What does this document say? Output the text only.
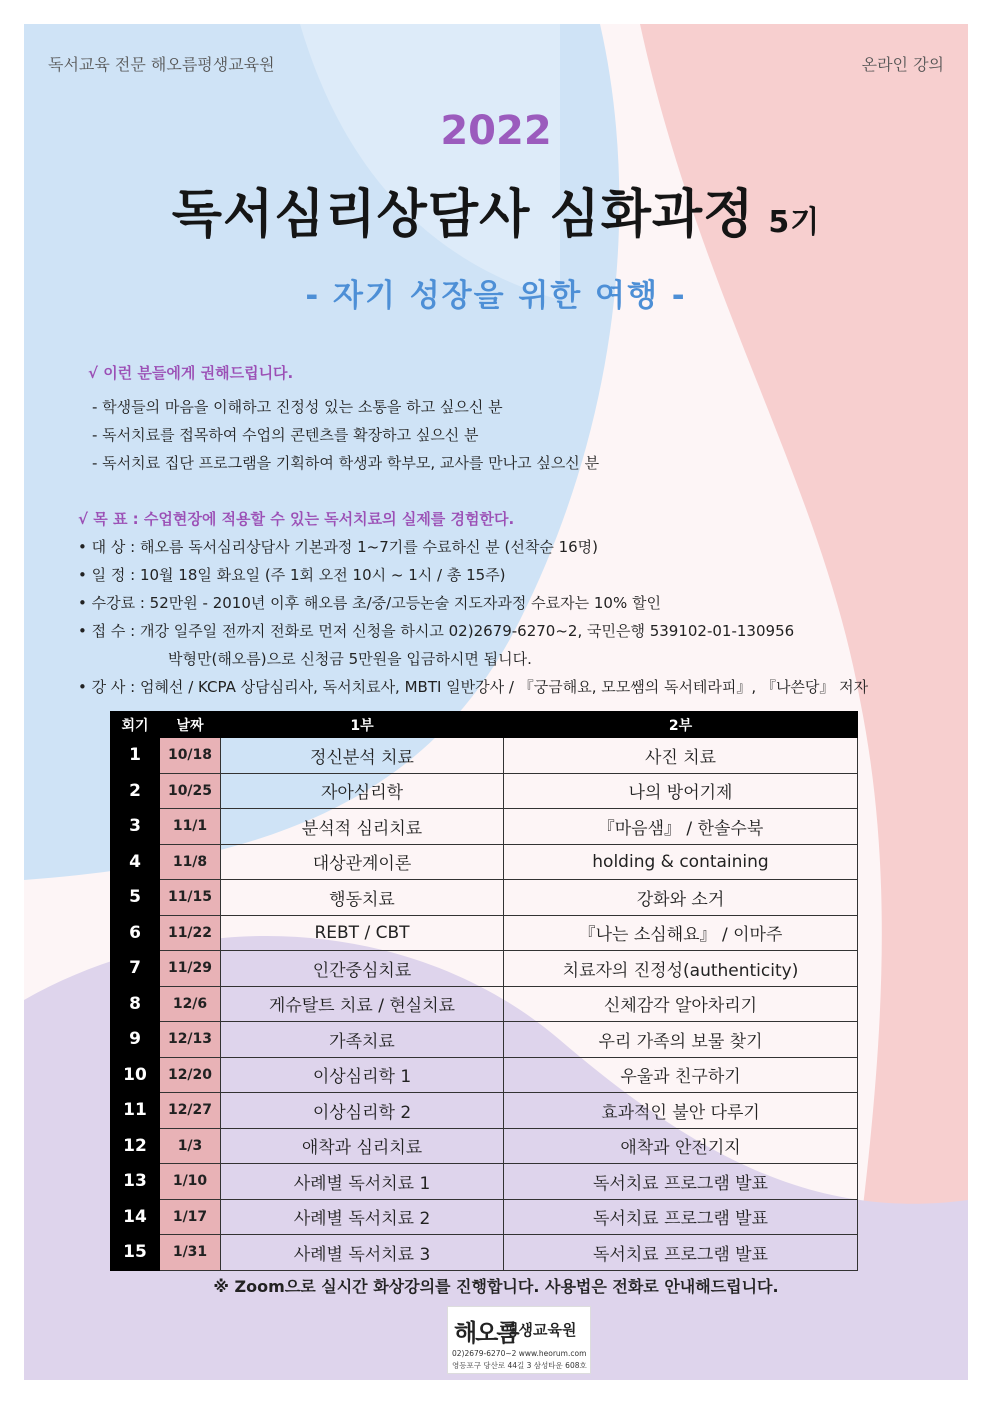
독서교육 전문 해오름평생교육원	온라인 강의
2022
독서심리상담사 심화과정 5기
- 자기 성장을 위한 여행 -
√ 이런 분들에게 권해드립니다.
- 학생들의 마음을 이해하고 진정성 있는 소통을 하고 싶으신 분
- 독서치료를 접목하여 수업의 콘텐츠를 확장하고 싶으신 분
- 독서치료 집단 프로그램을 기획하여 학생과 학부모, 교사를 만나고 싶으신 분
√ 목 표 : 수업현장에 적용할 수 있는 독서치료의 실제를 경험한다.
• 대 상 : 해오름 독서심리상담사 기본과정 1~7기를 수료하신 분 (선착순 16명)
• 일 정 : 10월 18일 화요일 (주 1회 오전 10시 ~ 1시 / 총 15주)
• 수강료 : 52만원 - 2010년 이후 해오름 초/중/고등논술 지도자과정 수료자는 10% 할인
• 접 수 : 개강 일주일 전까지 전화로 먼저 신청을 하시고 02)2679-6270~2, 국민은행 539102-01-130956
박형만(해오름)으로 신청금 5만원을 입금하시면 됩니다.
• 강 사 : 엄혜선 / KCPA 상담심리사, 독서치료사, MBTI 일반강사 / 『궁금해요, 모모쌤의 독서테라피』, 『나쓴당』 저자
회기	날짜	1부	2부
1	10/18	정신분석 치료	사진 치료
2	10/25	자아심리학	나의 방어기제
3	11/1	분석적 심리치료	『마음샘』 / 한솔수북
4	11/8	대상관계이론	holding & containing
5	11/15	행동치료	강화와 소거
6	11/22	REBT / CBT	『나는 소심해요』 / 이마주
7	11/29	인간중심치료	치료자의 진정성(authenticity)
8	12/6	게슈탈트 치료 / 현실치료	신체감각 알아차리기
9	12/13	가족치료	우리 가족의 보물 찾기
10	12/20	이상심리학 1	우울과 친구하기
11	12/27	이상심리학 2	효과적인 불안 다루기
12	1/3	애착과 심리치료	애착과 안전기지
13	1/10	사례별 독서치료 1	독서치료 프로그램 발표
14	1/17	사례별 독서치료 2	독서치료 프로그램 발표
15	1/31	사례별 독서치료 3	독서치료 프로그램 발표
※ Zoom으로 실시간 화상강의를 진행합니다. 사용법은 전화로 안내해드립니다.
해오름
평생교육원
02)2679-6270~2 www.heorum.com
영등포구 당산로 44길 3 삼성타운 608호
